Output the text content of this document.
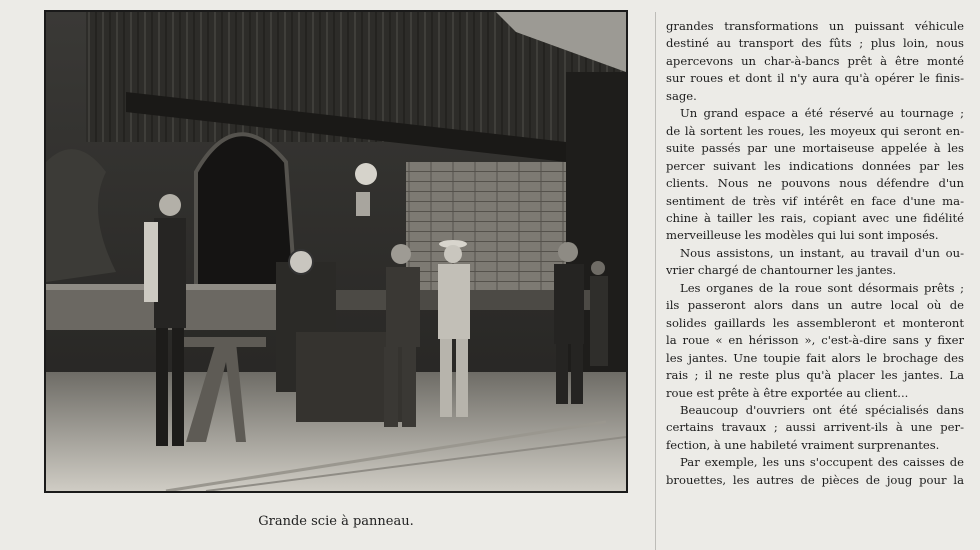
Grande scie à panneau.

grandes transformations un puissant véhicule
destiné au transport des fûts ; plus loin, nous
apercevons un char-à-bancs prêt à être monté
sur roues et dont il n'y aura qu'à opérer le finis-
sage.

Un grand espace a été réservé au tournage ;
de là sortent les roues, les moyeux qui seront en-
suite passés par une mortaiseuse appelée à les
percer suivant les indications données par les
clients. Nous ne pouvons nous défendre d'un
sentiment de très vif intérêt en face d'une ma-
chine à tailler les rais, copiant avec une fidélité
merveilleuse les modèles qui lui sont imposés.

Nous assistons, un instant, au travail d'un ou-
vrier chargé de chantourner les jantes.

Les organes de la roue sont désormais prêts ;
ils passeront alors dans un autre local où de
solides gaillards les assembleront et monteront
la roue « en hérisson », c'est-à-dire sans y fixer
les jantes. Une toupie fait alors le brochage des
rais ; il ne reste plus qu'à placer les jantes. La
roue est prête à être exportée au client...

Beaucoup d'ouvriers ont été spécialisés dans
certains travaux ; aussi arrivent-ils à une per-
fection, à une habileté vraiment surprenantes.

Par exemple, les uns s'occupent des caisses de
brouettes, les autres de pièces de joug pour la
